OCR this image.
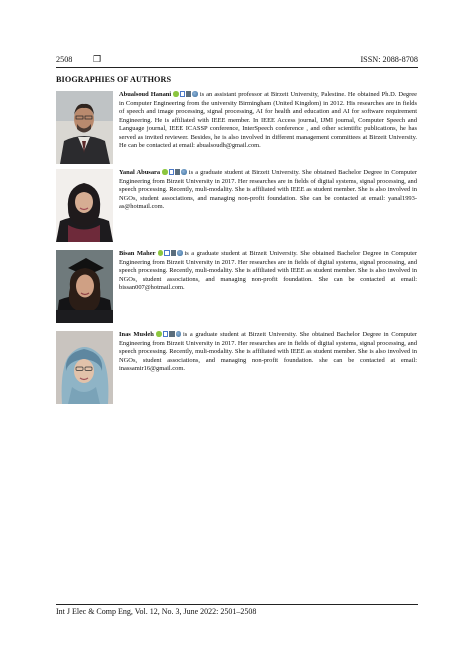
2508 ❒	ISSN: 2088-8708
BIOGRAPHIES OF AUTHORS

Abualsoud Hanani	is an assistant professor at Birzeit University, Palestine. He obtained Ph.D. Degree in Computer Engineering from the university Birmingham (United Kingdom) in 2012. His researches are in fields of speech and image processing, signal processing, AI for health and education and AI for software requirement Engineering. He is affiliated with IEEE member. In IEEE Access journal, IJMI journal, Computer Speech and Language journal, IEEE ICASSP conference, InterSpeech conference , and other scientific publications, he has served as invited reviewer. Besides, he is also involved in different management committees at Birzeit University. He can be contacted at email: abualsoudh@gmail.com.

Yanal Abusara	is a graduate student at Birzeit University. She obtained Bachelor Degree in Computer Engineering from Birzeit University in 2017. Her researches are in fields of digital systems, signal processing, and speech processing. Recently, muli-modality. She is affiliated with IEEE as student member. She is also involved in NGOs, student associations, and managing non-profit foundation. She can be contacted at email: yanal1993-as@hotmail.com.

Bisan Maher	is a graduate student at Birzeit University. She obtained Bachelor Degree in Computer Engineering from Birzeit University in 2017. Her researches are in fields of digital systems, signal processing, and speech processing. Recently, muli-modality. She is affiliated with IEEE as student member. She is also involved in NGOs, student associations, and managing non-profit foundation. She can be contacted at email: bissan007@hotmail.com.

Inas Musleh	is a graduate student at Birzeit University. She obtained Bachelor Degree in Computer Engineering from Birzeit University in 2017. Her researches are in fields of digital systems, signal processing, and speech processing. Recently, muli-modality. She is affiliated with IEEE as student member. She is also involved in NGOs, student associations, and managing non-profit foundation. she can be contacted at email: inassamir16@gmail.com.

Int J Elec & Comp Eng, Vol. 12, No. 3, June 2022: 2501–2508
